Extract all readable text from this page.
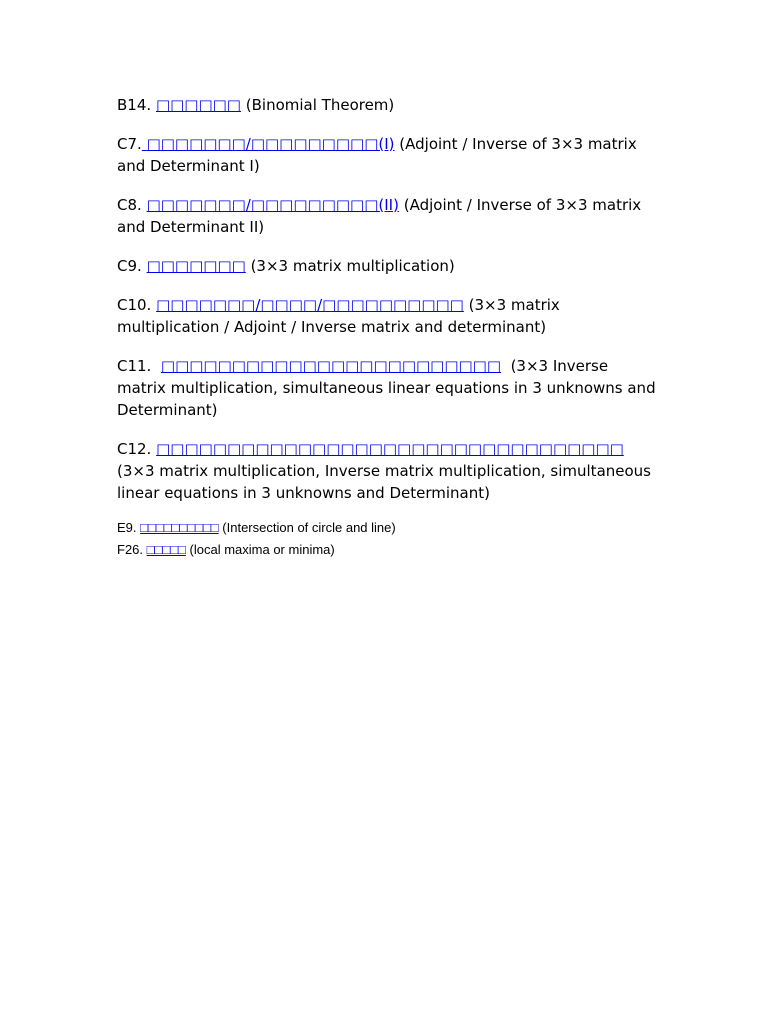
B14. □□□□□□ (Binomial Theorem)

C7. □□□□□□□/□□□□□□□□□(I) (Adjoint / Inverse of 3×3 matrix and Determinant I)

C8. □□□□□□□/□□□□□□□□□(II) (Adjoint / Inverse of 3×3 matrix and Determinant II)

C9. □□□□□□□ (3×3 matrix multiplication)

C10. □□□□□□□/□□□□/□□□□□□□□□□ (3×3 matrix multiplication / Adjoint / Inverse matrix and determinant)

C11. □□□□□□□□□□□□□□□□□□□□□□□□ (3×3 Inverse matrix multiplication, simultaneous linear equations in 3 unknowns and Determinant)

C12. □□□□□□□□□□□□□□□□□□□□□□□□□□□□□□□□□ (3×3 matrix multiplication, Inverse matrix multiplication, simultaneous linear equations in 3 unknowns and Determinant)

E9. □□□□□□□□□□ (Intersection of circle and line)

F26. □□□□□ (local maxima or minima)
